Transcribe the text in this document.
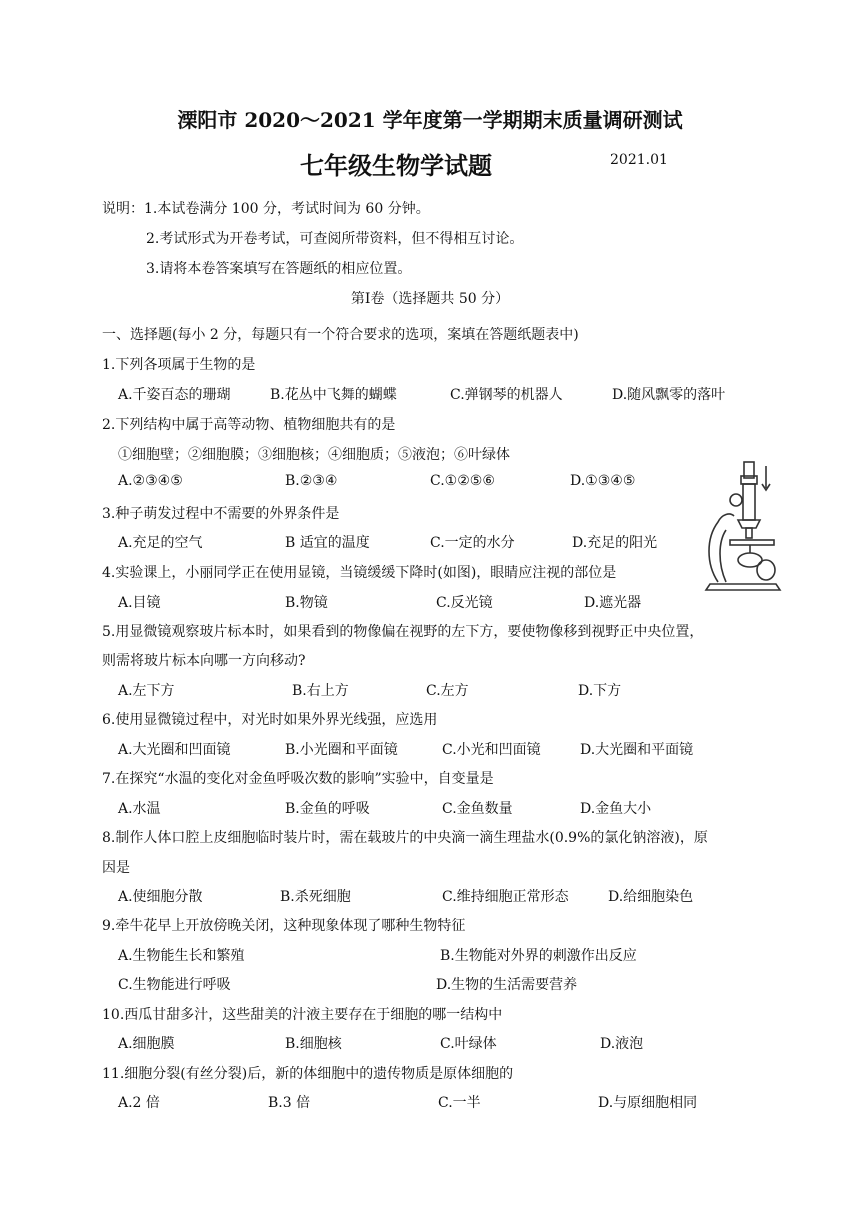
溧阳市 2020～2021 学年度第一学期期末质量调研测试
七年级生物学试题	2021.01
说明：1.本试卷满分 100 分，考试时间为 60 分钟。
2.考试形式为开卷考试，可查阅所带资料，但不得相互讨论。
3.请将本卷答案填写在答题纸的相应位置。
第Ⅰ卷（选择题共 50 分）
一、选择题(每小 2 分，每题只有一个符合要求的选项，案填在答题纸题表中)
1.下列各项属于生物的是
A.千姿百态的珊瑚	B.花丛中飞舞的蝴蝶	C.弹钢琴的机器人	D.随风飘零的落叶
2.下列结构中属于高等动物、植物细胞共有的是
①细胞壁；②细胞膜；③细胞核；④细胞质；⑤液泡；⑥叶绿体
A.②③④⑤	B.②③④	C.①②⑤⑥	D.①③④⑤
3.种子萌发过程中不需要的外界条件是
A.充足的空气	B 适宜的温度	C.一定的水分	D.充足的阳光
4.实验课上，小丽同学正在使用显镜，当镜缓缓下降时(如图)，眼睛应注视的部位是
A.目镜	B.物镜	C.反光镜	D.遮光器
5.用显微镜观察玻片标本时，如果看到的物像偏在视野的左下方，要使物像移到视野正中央位置，
则需将玻片标本向哪一方向移动?
A.左下方	B.右上方	C.左方	D.下方
6.使用显微镜过程中，对光时如果外界光线强，应选用
A.大光圈和凹面镜	B.小光圈和平面镜	C.小光和凹面镜	D.大光圈和平面镜
7.在探究“水温的变化对金鱼呼吸次数的影响”实验中，自变量是
A.水温	B.金鱼的呼吸	C.金鱼数量	D.金鱼大小
8.制作人体口腔上皮细胞临时装片时，需在载玻片的中央滴一滴生理盐水(0.9%的氯化钠溶液)，原
因是
A.使细胞分散	B.杀死细胞	C.维持细胞正常形态	D.给细胞染色
9.牵牛花早上开放傍晚关闭，这种现象体现了哪种生物特征
A.生物能生长和繁殖	B.生物能对外界的刺激作出反应
C.生物能进行呼吸	D.生物的生活需要营养
10.西瓜甘甜多汁，这些甜美的汁液主要存在于细胞的哪一结构中
A.细胞膜	B.细胞核	C.叶绿体	D.液泡
11.细胞分裂(有丝分裂)后，新的体细胞中的遗传物质是原体细胞的
A.2 倍	B.3 倍	C.一半	D.与原细胞相同
